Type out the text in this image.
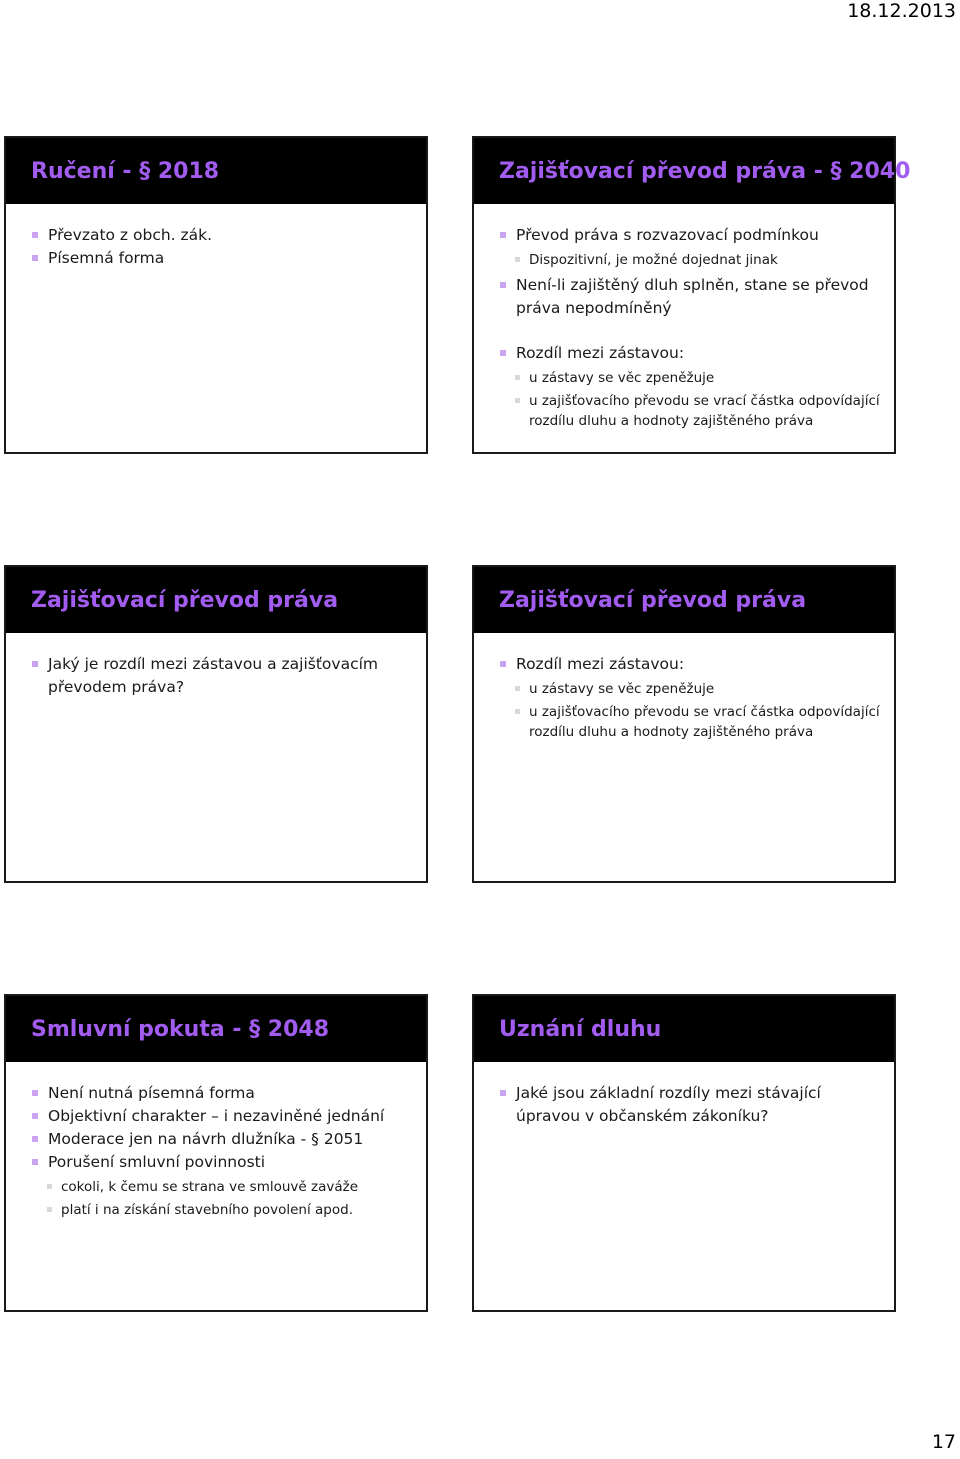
18.12.2013
Ručení - § 2018
Převzato z obch. zák.
Písemná forma
Zajišťovací převod práva - § 2040
Převod práva s rozvazovací podmínkou
Dispozitivní, je možné dojednat jinak
Není-li zajištěný dluh splněn, stane se převod práva nepodmíněný
Rozdíl mezi zástavou:
u zástavy se věc zpeněžuje
u zajišťovacího převodu se vrací částka odpovídající rozdílu dluhu a hodnoty zajištěného práva
Zajišťovací převod práva
Jaký je rozdíl mezi zástavou a zajišťovacím převodem práva?
Zajišťovací převod práva
Rozdíl mezi zástavou:
u zástavy se věc zpeněžuje
u zajišťovacího převodu se vrací částka odpovídající rozdílu dluhu a hodnoty zajištěného práva
Smluvní pokuta - § 2048
Není nutná písemná forma
Objektivní charakter – i nezaviněné jednání
Moderace jen na návrh dlužníka - § 2051
Porušení smluvní povinnosti
cokoli, k čemu se strana ve smlouvě zaváže
platí i na získání stavebního povolení apod.
Uznání dluhu
Jaké jsou základní rozdíly mezi stávající úpravou v občanském zákoníku?
17
